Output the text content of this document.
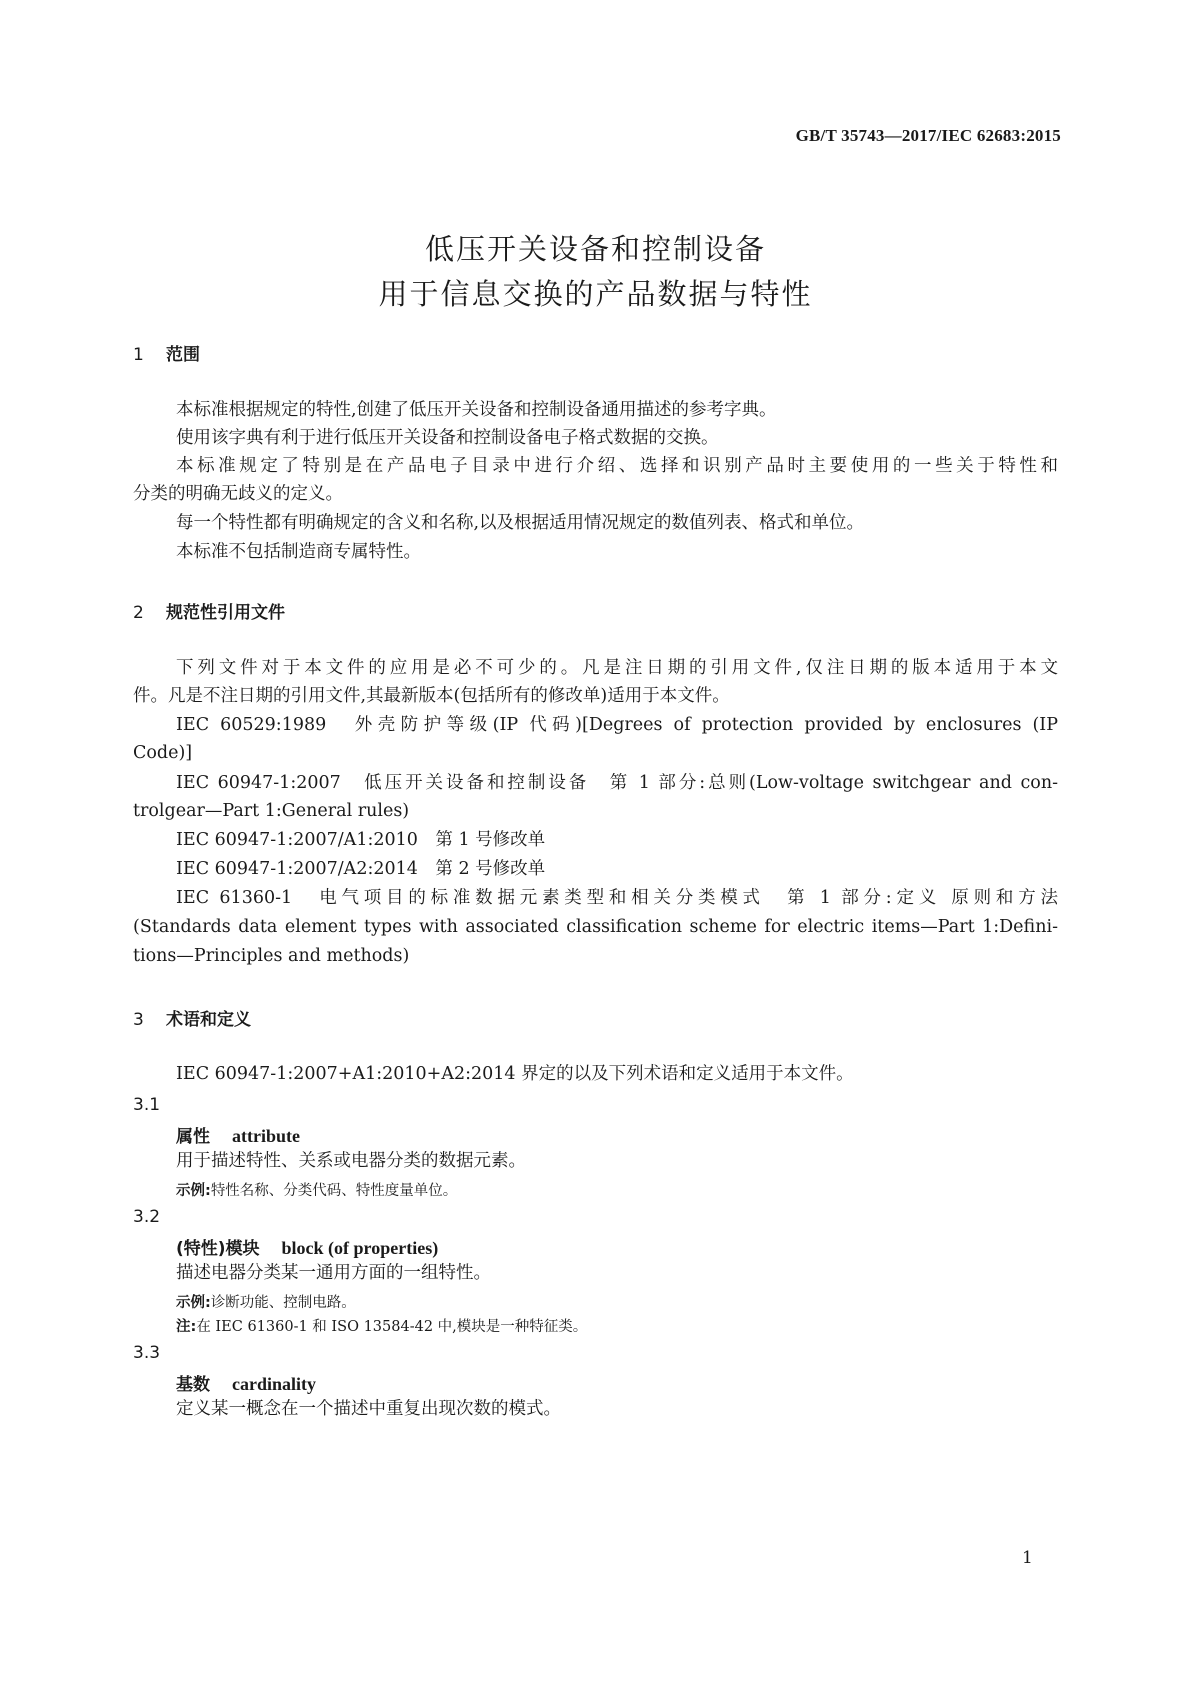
GB/T 35743—2017/IEC 62683:2015
低压开关设备和控制设备
用于信息交换的产品数据与特性
1 范围
本标准根据规定的特性,创建了低压开关设备和控制设备通用描述的参考字典。
使用该字典有利于进行低压开关设备和控制设备电子格式数据的交换。
本标准规定了特别是在产品电子目录中进行介绍、选择和识别产品时主要使用的一些关于特性和
分类的明确无歧义的定义。
每一个特性都有明确规定的含义和名称,以及根据适用情况规定的数值列表、格式和单位。
本标准不包括制造商专属特性。
2 规范性引用文件
下列文件对于本文件的应用是必不可少的。凡是注日期的引用文件,仅注日期的版本适用于本文
件。凡是不注日期的引用文件,其最新版本(包括所有的修改单)适用于本文件。
IEC 60529:1989　外壳防护等级(IP 代码)[Degrees of protection provided by enclosures (IP
Code)]
IEC 60947-1:2007　低压开关设备和控制设备　第 1 部分:总则(Low-voltage switchgear and con-
trolgear—Part 1:General rules)
IEC 60947-1:2007/A1:2010　第 1 号修改单
IEC 60947-1:2007/A2:2014　第 2 号修改单
IEC 61360-1　电气项目的标准数据元素类型和相关分类模式　第 1 部分:定义 原则和方法
(Standards data element types with associated classification scheme for electric items—Part 1:Defini-
tions—Principles and methods)
3 术语和定义
IEC 60947-1:2007+A1:2010+A2:2014 界定的以及下列术语和定义适用于本文件。
3.1
属性 attribute
用于描述特性、关系或电器分类的数据元素。
示例:特性名称、分类代码、特性度量单位。
3.2
(特性)模块 block (of properties)
描述电器分类某一通用方面的一组特性。
示例:诊断功能、控制电路。
注:在 IEC 61360-1 和 ISO 13584-42 中,模块是一种特征类。
3.3
基数 cardinality
定义某一概念在一个描述中重复出现次数的模式。
1
